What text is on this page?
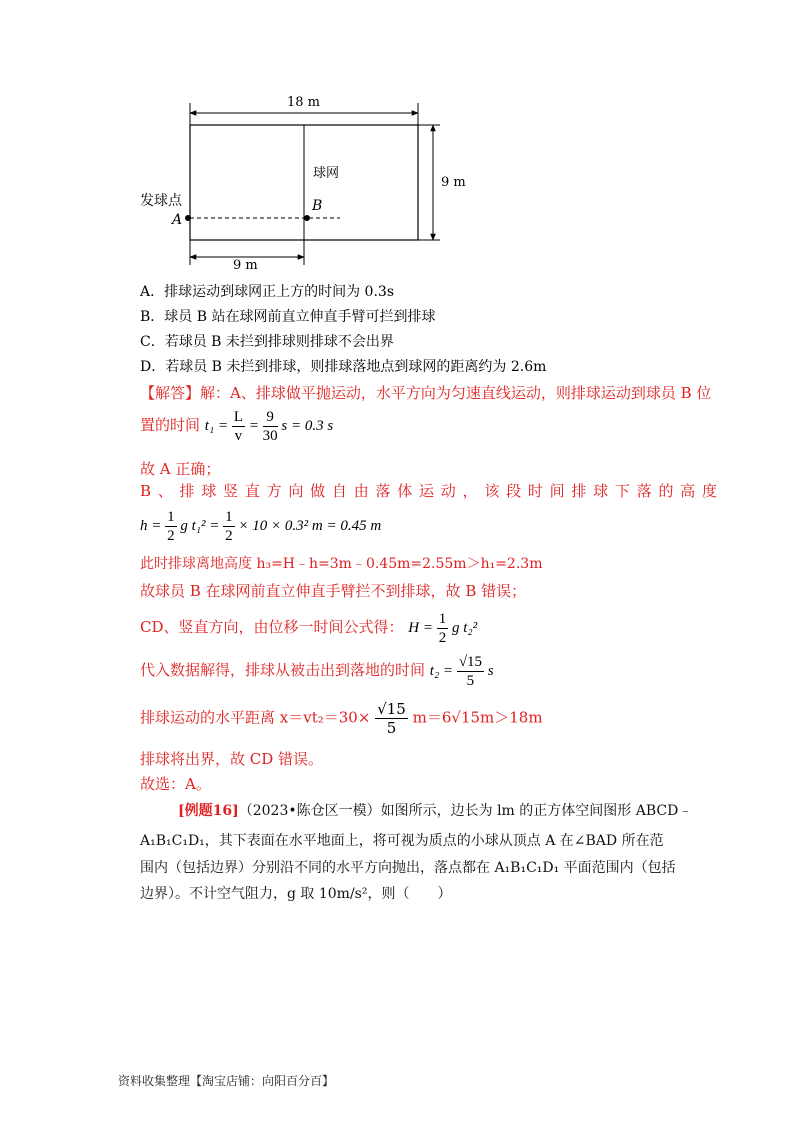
18 m
9 m
9 m
球网
发球点
A
B
A．排球运动到球网正上方的时间为 0.3s
B．球员 B 站在球网前直立伸直手臂可拦到排球
C．若球员 B 未拦到排球则排球不会出界
D．若球员 B 未拦到排球，则排球落地点到球网的距离约为 2.6m
【解答】解：A、排球做平抛运动，水平方向为匀速直线运动，则排球运动到球员 B 位
置的时间 $t_1 = \frac{L}{v} = \frac{9}{30}$ s = 0.3 s
故 A 正确；
B 、 排 球 竖 直 方 向 做 自 由 落 体 运 动 ， 该 段 时 间 排 球 下 落 的 高 度
$h = \frac{1}{2}$ g $t_1^2 = \frac{1}{2} \times 10 \times 0.3^2$ m = 0.45 m
此时排球离地高度 h₃=H﹣h=3m﹣0.45m=2.55m＞h₁=2.3m
故球员 B 在球网前直立伸直手臂拦不到排球，故 B 错误；
CD、竖直方向，由位移一时间公式得： $H = \frac{1}{2}$ g t₂²
代入数据解得，排球从被击出到落地的时间 $t_2 = \frac{√15}{5}$ s
排球运动的水平距离 $x=vt_2=30\times \frac{√15}{5} m=6√15m>18m$
排球将出界，故 CD 错误。
故选：A。
[例题16]（2023•陈仓区一模）如图所示，边长为 lm 的正方体空间图形 ABCD﹣
A₁B₁C₁D₁，其下表面在水平地面上，将可视为质点的小球从顶点 A 在∠BAD 所在范
围内（包括边界）分别沿不同的水平方向抛出，落点都在 A₁B₁C₁D₁ 平面范围内（包括
边界）。不计空气阻力，g 取 10m/s²，则（　　）
资料收集整理【淘宝店铺：向阳百分百】
